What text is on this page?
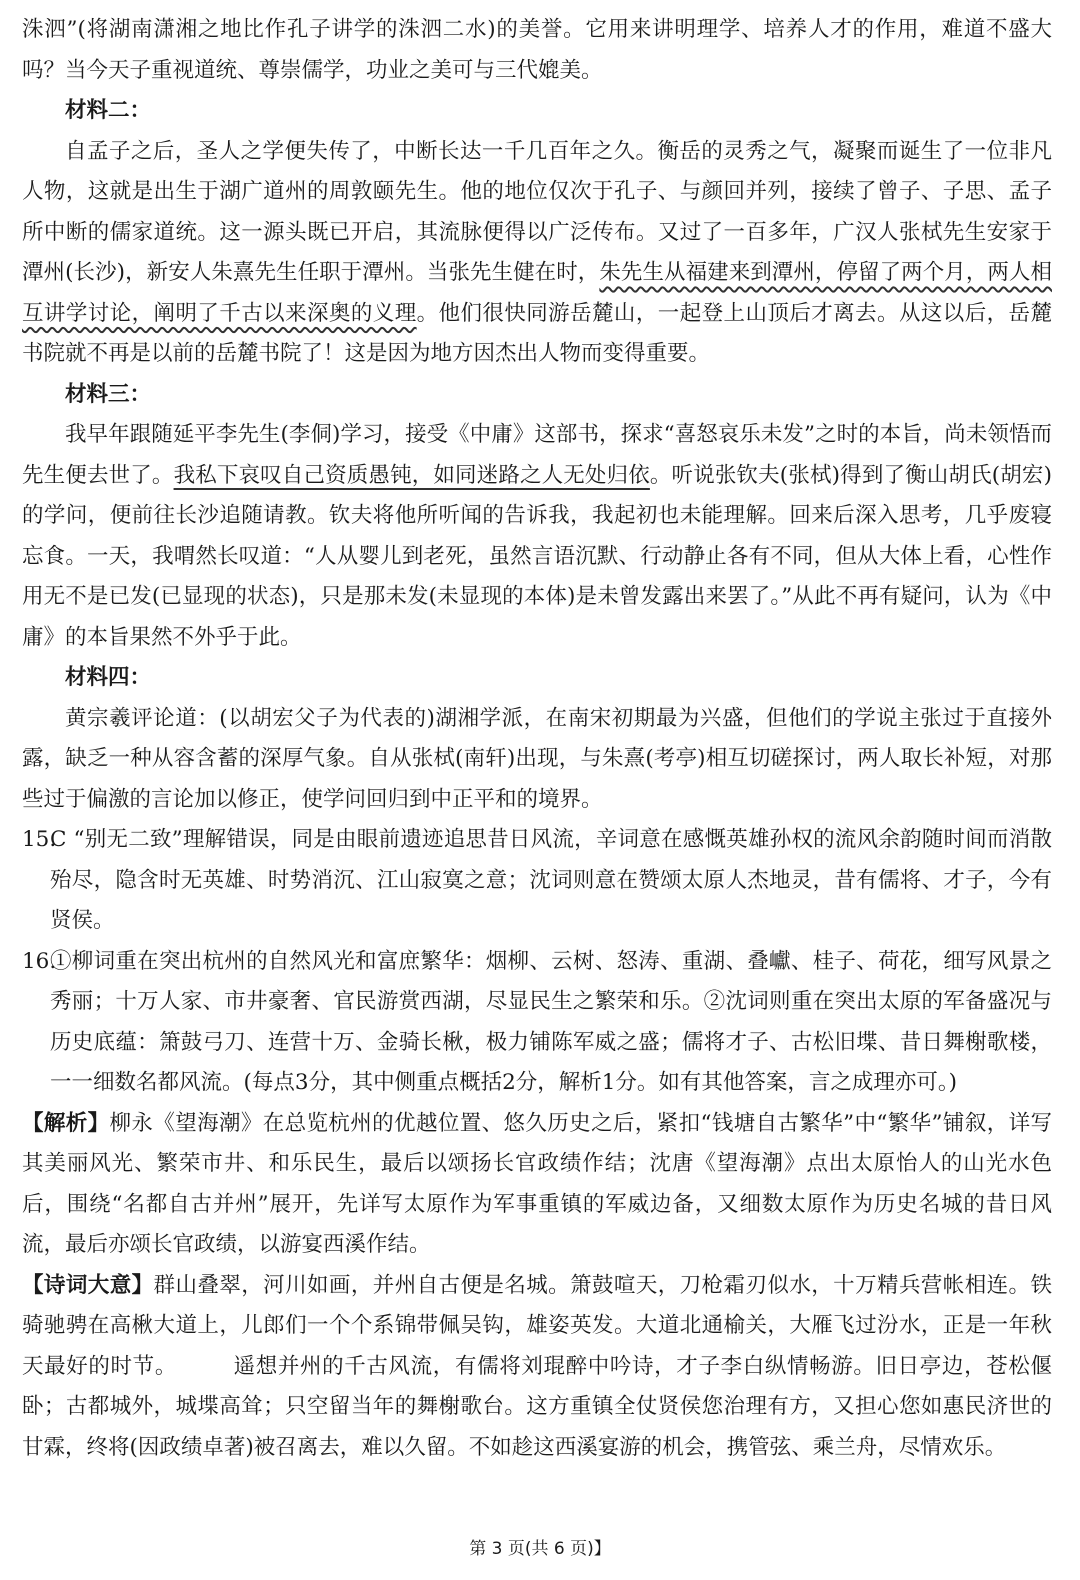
洙泗”(将湖南潇湘之地比作孔子讲学的洙泗二水)的美誉。它用来讲明理学、培养人才的作用，难道不盛大吗？当今天子重视道统、尊崇儒学，功业之美可与三代媲美。

材料二：

自孟子之后，圣人之学便失传了，中断长达一千几百年之久。衡岳的灵秀之气，凝聚而诞生了一位非凡人物，这就是出生于湖广道州的周敦颐先生。他的地位仅次于孔子、与颜回并列，接续了曾子、子思、孟子所中断的儒家道统。这一源头既已开启，其流脉便得以广泛传布。又过了一百多年，广汉人张栻先生安家于潭州(长沙)，新安人朱熹先生任职于潭州。当张先生健在时，朱先生从福建来到潭州，停留了两个月，两人相互讲学讨论，阐明了千古以来深奥的义理。他们很快同游岳麓山，一起登上山顶后才离去。从这以后，岳麓书院就不再是以前的岳麓书院了！这是因为地方因杰出人物而变得重要。

材料三：

我早年跟随延平李先生(李侗)学习，接受《中庸》这部书，探求“喜怒哀乐未发”之时的本旨，尚未领悟而先生便去世了。我私下哀叹自己资质愚钝，如同迷路之人无处归依。听说张钦夫(张栻)得到了衡山胡氏(胡宏)的学问，便前往长沙追随请教。钦夫将他所听闻的告诉我，我起初也未能理解。回来后深入思考，几乎废寝忘食。一天，我喟然长叹道：“人从婴儿到老死，虽然言语沉默、行动静止各有不同，但从大体上看，心性作用无不是已发(已显现的状态)，只是那未发(未显现的本体)是未曾发露出来罢了。”从此不再有疑问，认为《中庸》的本旨果然不外乎于此。

材料四：

黄宗羲评论道：(以胡宏父子为代表的)湖湘学派，在南宋初期最为兴盛，但他们的学说主张过于直接外露，缺乏一种从容含蓄的深厚气象。自从张栻(南轩)出现，与朱熹(考亭)相互切磋探讨，两人取长补短，对那些过于偏激的言论加以修正，使学问回归到中正平和的境界。

15.
C “别无二致”理解错误，同是由眼前遗迹追思昔日风流，辛词意在感慨英雄孙权的流风余韵随时间而消散殆尽，隐含时无英雄、时势消沉、江山寂寞之意；沈词则意在赞颂太原人杰地灵，昔有儒将、才子，今有贤侯。
16.
①柳词重在突出杭州的自然风光和富庶繁华：烟柳、云树、怒涛、重湖、叠巘、桂子、荷花，细写风景之秀丽；十万人家、市井豪奢、官民游赏西湖，尽显民生之繁荣和乐。②沈词则重在突出太原的军备盛况与历史底蕴：箫鼓弓刀、连营十万、金骑长楸，极力铺陈军威之盛；儒将才子、古松旧堞、昔日舞榭歌楼，一一细数名都风流。(每点3分，其中侧重点概括2分，解析1分。如有其他答案，言之成理亦可。)

【解析】柳永《望海潮》在总览杭州的优越位置、悠久历史之后，紧扣“钱塘自古繁华”中“繁华”铺叙，详写其美丽风光、繁荣市井、和乐民生，最后以颂扬长官政绩作结；沈唐《望海潮》点出太原怡人的山光水色后，围绕“名都自古并州”展开，先详写太原作为军事重镇的军威边备，又细数太原作为历史名城的昔日风流，最后亦颂长官政绩，以游宴西溪作结。

【诗词大意】群山叠翠，河川如画，并州自古便是名城。箫鼓喧天，刀枪霜刃似水，十万精兵营帐相连。铁骑驰骋在高楸大道上，儿郎们一个个系锦带佩吴钩，雄姿英发。大道北通榆关，大雁飞过汾水，正是一年秋天最好的时节。	遥想并州的千古风流，有儒将刘琨醉中吟诗，才子李白纵情畅游。旧日亭边，苍松偃卧；古都城外，城堞高耸；只空留当年的舞榭歌台。这方重镇全仗贤侯您治理有方，又担心您如惠民济世的甘霖，终将(因政绩卓著)被召离去，难以久留。不如趁这西溪宴游的机会，携管弦、乘兰舟，尽情欢乐。

第 3 页(共 6 页)】
